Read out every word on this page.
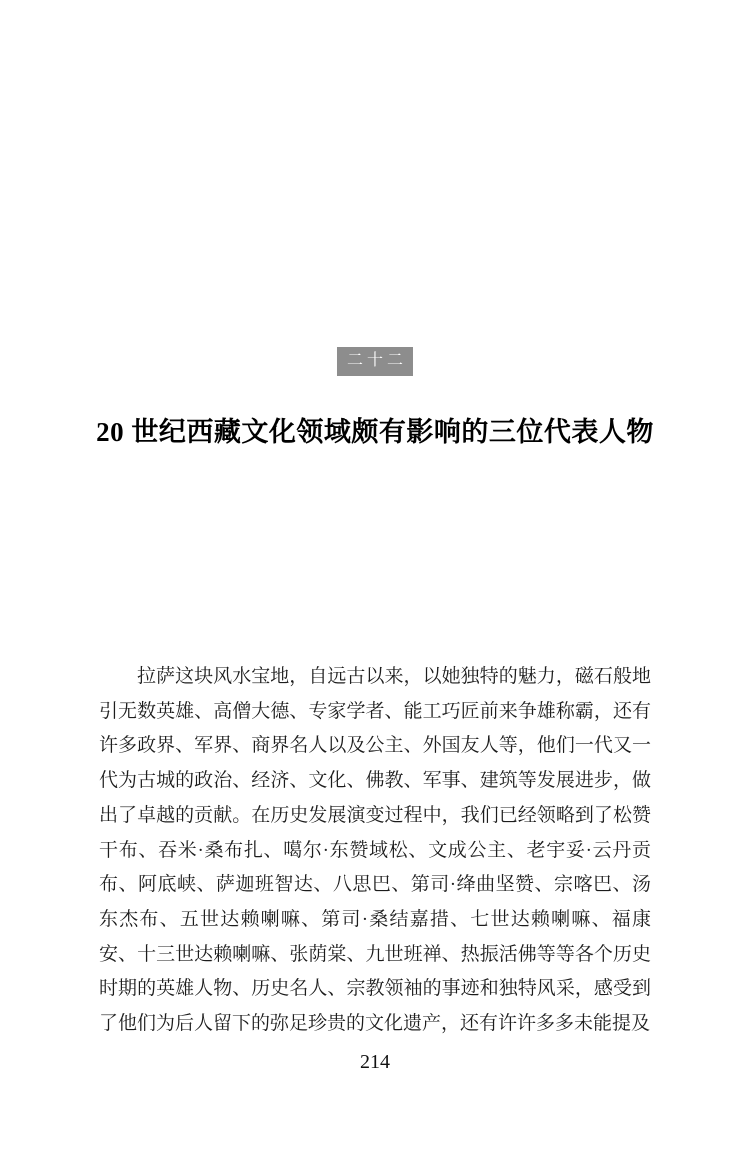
二十二
20 世纪西藏文化领域颇有影响的三位代表人物

拉萨这块风水宝地，自远古以来，以她独特的魅力，磁石般地引无数英雄、高僧大德、专家学者、能工巧匠前来争雄称霸，还有许多政界、军界、商界名人以及公主、外国友人等，他们一代又一代为古城的政治、经济、文化、佛教、军事、建筑等发展进步，做出了卓越的贡献。在历史发展演变过程中，我们已经领略到了松赞干布、吞米·桑布扎、噶尔·东赞域松、文成公主、老宇妥·云丹贡布、阿底峡、萨迦班智达、八思巴、第司·绛曲坚赞、宗喀巴、汤东杰布、五世达赖喇嘛、第司·桑结嘉措、七世达赖喇嘛、福康安、十三世达赖喇嘛、张荫棠、九世班禅、热振活佛等等各个历史时期的英雄人物、历史名人、宗教领袖的事迹和独特风采，感受到了他们为后人留下的弥足珍贵的文化遗产，还有许许多多未能提及

214
